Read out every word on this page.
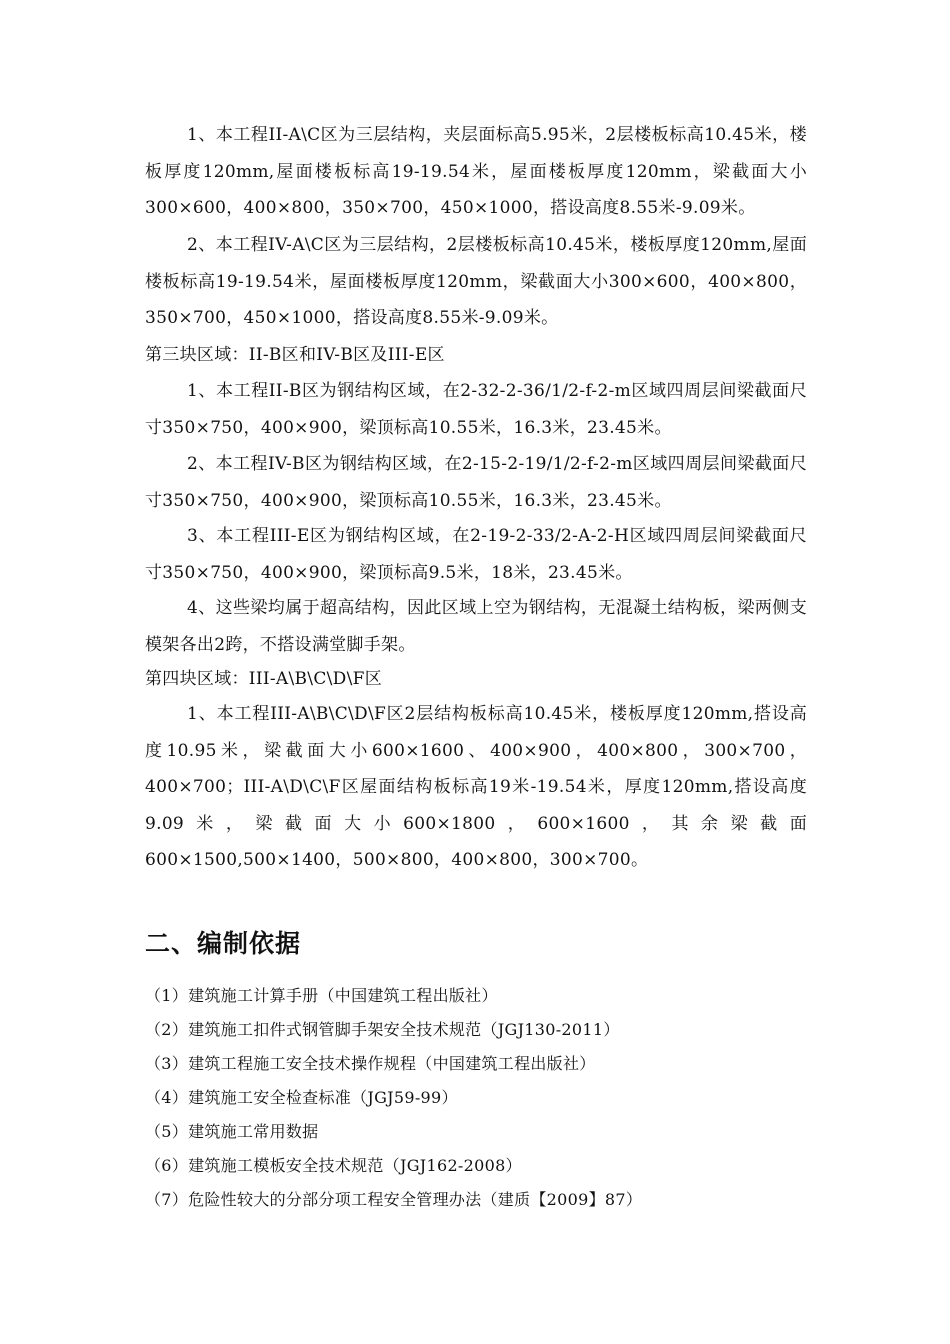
1、本工程II-A\C区为三层结构，夹层面标高5.95米，2层楼板标高10.45米，楼板厚度120mm,屋面楼板标高19-19.54米，屋面楼板厚度120mm，梁截面大小300×600，400×800，350×700，450×1000，搭设高度8.55米-9.09米。
2、本工程IV-A\C区为三层结构，2层楼板标高10.45米，楼板厚度120mm,屋面楼板标高19-19.54米，屋面楼板厚度120mm，梁截面大小300×600，400×800，350×700，450×1000，搭设高度8.55米-9.09米。
第三块区域：II-B区和IV-B区及III-E区
1、本工程II-B区为钢结构区域，在2-32-2-36/1/2-f-2-m区域四周层间梁截面尺寸350×750，400×900，梁顶标高10.55米，16.3米，23.45米。
2、本工程IV-B区为钢结构区域，在2-15-2-19/1/2-f-2-m区域四周层间梁截面尺寸350×750，400×900，梁顶标高10.55米，16.3米，23.45米。
3、本工程III-E区为钢结构区域，在2-19-2-33/2-A-2-H区域四周层间梁截面尺寸350×750，400×900，梁顶标高9.5米，18米，23.45米。
4、这些梁均属于超高结构，因此区域上空为钢结构，无混凝土结构板，梁两侧支模架各出2跨，不搭设满堂脚手架。
第四块区域：III-A\B\C\D\F区
1、本工程III-A\B\C\D\F区2层结构板标高10.45米，楼板厚度120mm,搭设高度10.95米，梁截面大小600×1600、400×900，400×800，300×700，400×700；III-A\D\C\F区屋面结构板标高19米-19.54米，厚度120mm,搭设高度9.09米，梁截面大小600×1800，600×1600，其余梁截面600×1500,500×1400，500×800，400×800，300×700。
二、编制依据
（1）建筑施工计算手册（中国建筑工程出版社）
（2）建筑施工扣件式钢管脚手架安全技术规范（JGJ130-2011）
（3）建筑工程施工安全技术操作规程（中国建筑工程出版社）
（4）建筑施工安全检查标准（JGJ59-99）
（5）建筑施工常用数据
（6）建筑施工模板安全技术规范（JGJ162-2008）
（7）危险性较大的分部分项工程安全管理办法（建质【2009】87）
